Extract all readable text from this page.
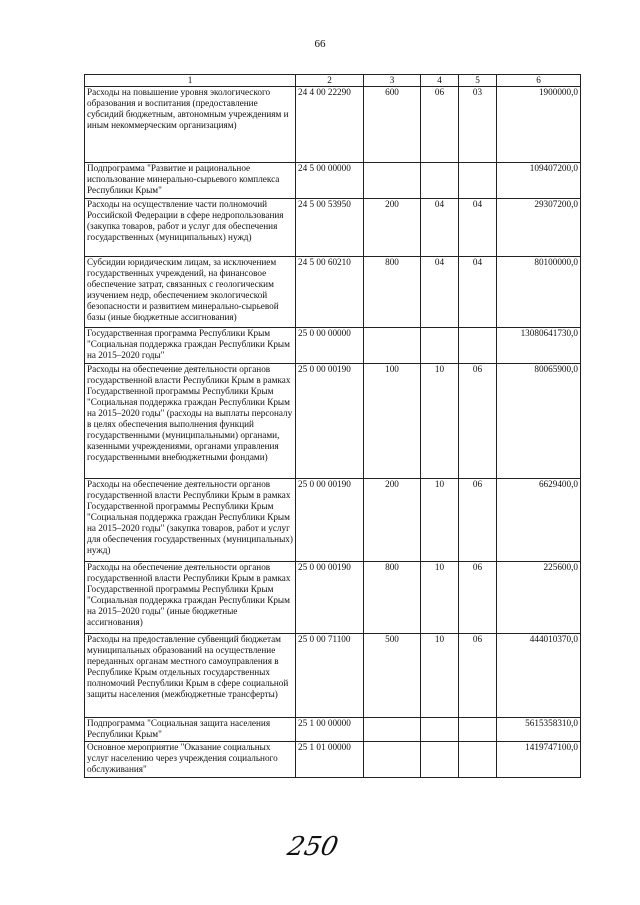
66
1	2	3	4	5	6
Расходы на повышение уровня экологического образования и воспитания (предоставление субсидий бюджетным, автономным учреждениям и иным некоммерческим организациям)	24 4 00 22290	600	06	03	1900000,0
Подпрограмма "Развитие и рациональное использование минерально-сырьевого комплекса Республики Крым"	24 5 00 00000				109407200,0
Расходы на осуществление части полномочий Российской Федерации в сфере недропользования (закупка товаров, работ и услуг для обеспечения государственных (муниципальных) нужд)	24 5 00 53950	200	04	04	29307200,0
Субсидии юридическим лицам, за исключением государственных учреждений, на финансовое обеспечение затрат, связанных с геологическим изучением недр, обеспечением экологической безопасности и развитием минерально-сырьевой базы (иные бюджетные ассигнования)	24 5 00 60210	800	04	04	80100000,0
Государственная программа Республики Крым "Социальная поддержка граждан Республики Крым на 2015–2020 годы"	25 0 00 00000				13080641730,0
Расходы на обеспечение деятельности органов государственной власти Республики Крым в рамках Государственной программы Республики Крым "Социальная поддержка граждан Республики Крым на 2015–2020 годы" (расходы на выплаты персоналу в целях обеспечения выполнения функций государственными (муниципальными) органами, казенными учреждениями, органами управления государственными внебюджетными фондами)	25 0 00 00190	100	10	06	80065900,0
Расходы на обеспечение деятельности органов государственной власти Республики Крым в рамках Государственной программы Республики Крым "Социальная поддержка граждан Республики Крым на 2015–2020 годы" (закупка товаров, работ и услуг для обеспечения государственных (муниципальных) нужд)	25 0 00 00190	200	10	06	6629400,0
Расходы на обеспечение деятельности органов государственной власти Республики Крым в рамках Государственной программы Республики Крым "Социальная поддержка граждан Республики Крым на 2015–2020 годы" (иные бюджетные ассигнования)	25 0 00 00190	800	10	06	225600,0
Расходы на предоставление субвенций бюджетам муниципальных образований на осуществление переданных органам местного самоуправления в Республике Крым отдельных государственных полномочий Республики Крым в сфере социальной защиты населения (межбюджетные трансферты)	25 0 00 71100	500	10	06	444010370,0
Подпрограмма "Социальная защита населения Республики Крым"	25 1 00 00000				5615358310,0
Основное мероприятие "Оказание социальных услуг населению через учреждения социального обслуживания"	25 1 01 00000				1419747100,0
250
